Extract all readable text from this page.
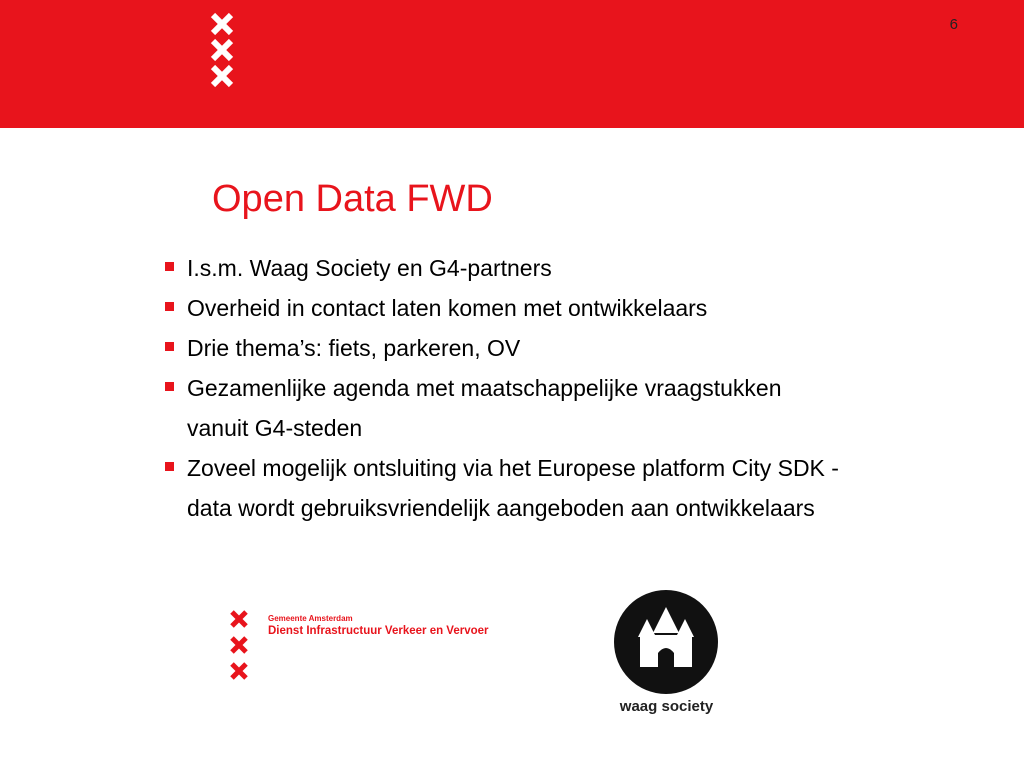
6
Open Data FWD
I.s.m. Waag Society en G4-partners
Overheid in contact laten komen met ontwikkelaars
Drie thema’s: fiets, parkeren, OV
Gezamenlijke agenda met maatschappelijke vraagstukken vanuit G4-steden
Zoveel mogelijk ontsluiting via het Europese platform City SDK - data wordt gebruiksvriendelijk aangeboden aan ontwikkelaars
Gemeente Amsterdam
Dienst Infrastructuur Verkeer en Vervoer
waag society
